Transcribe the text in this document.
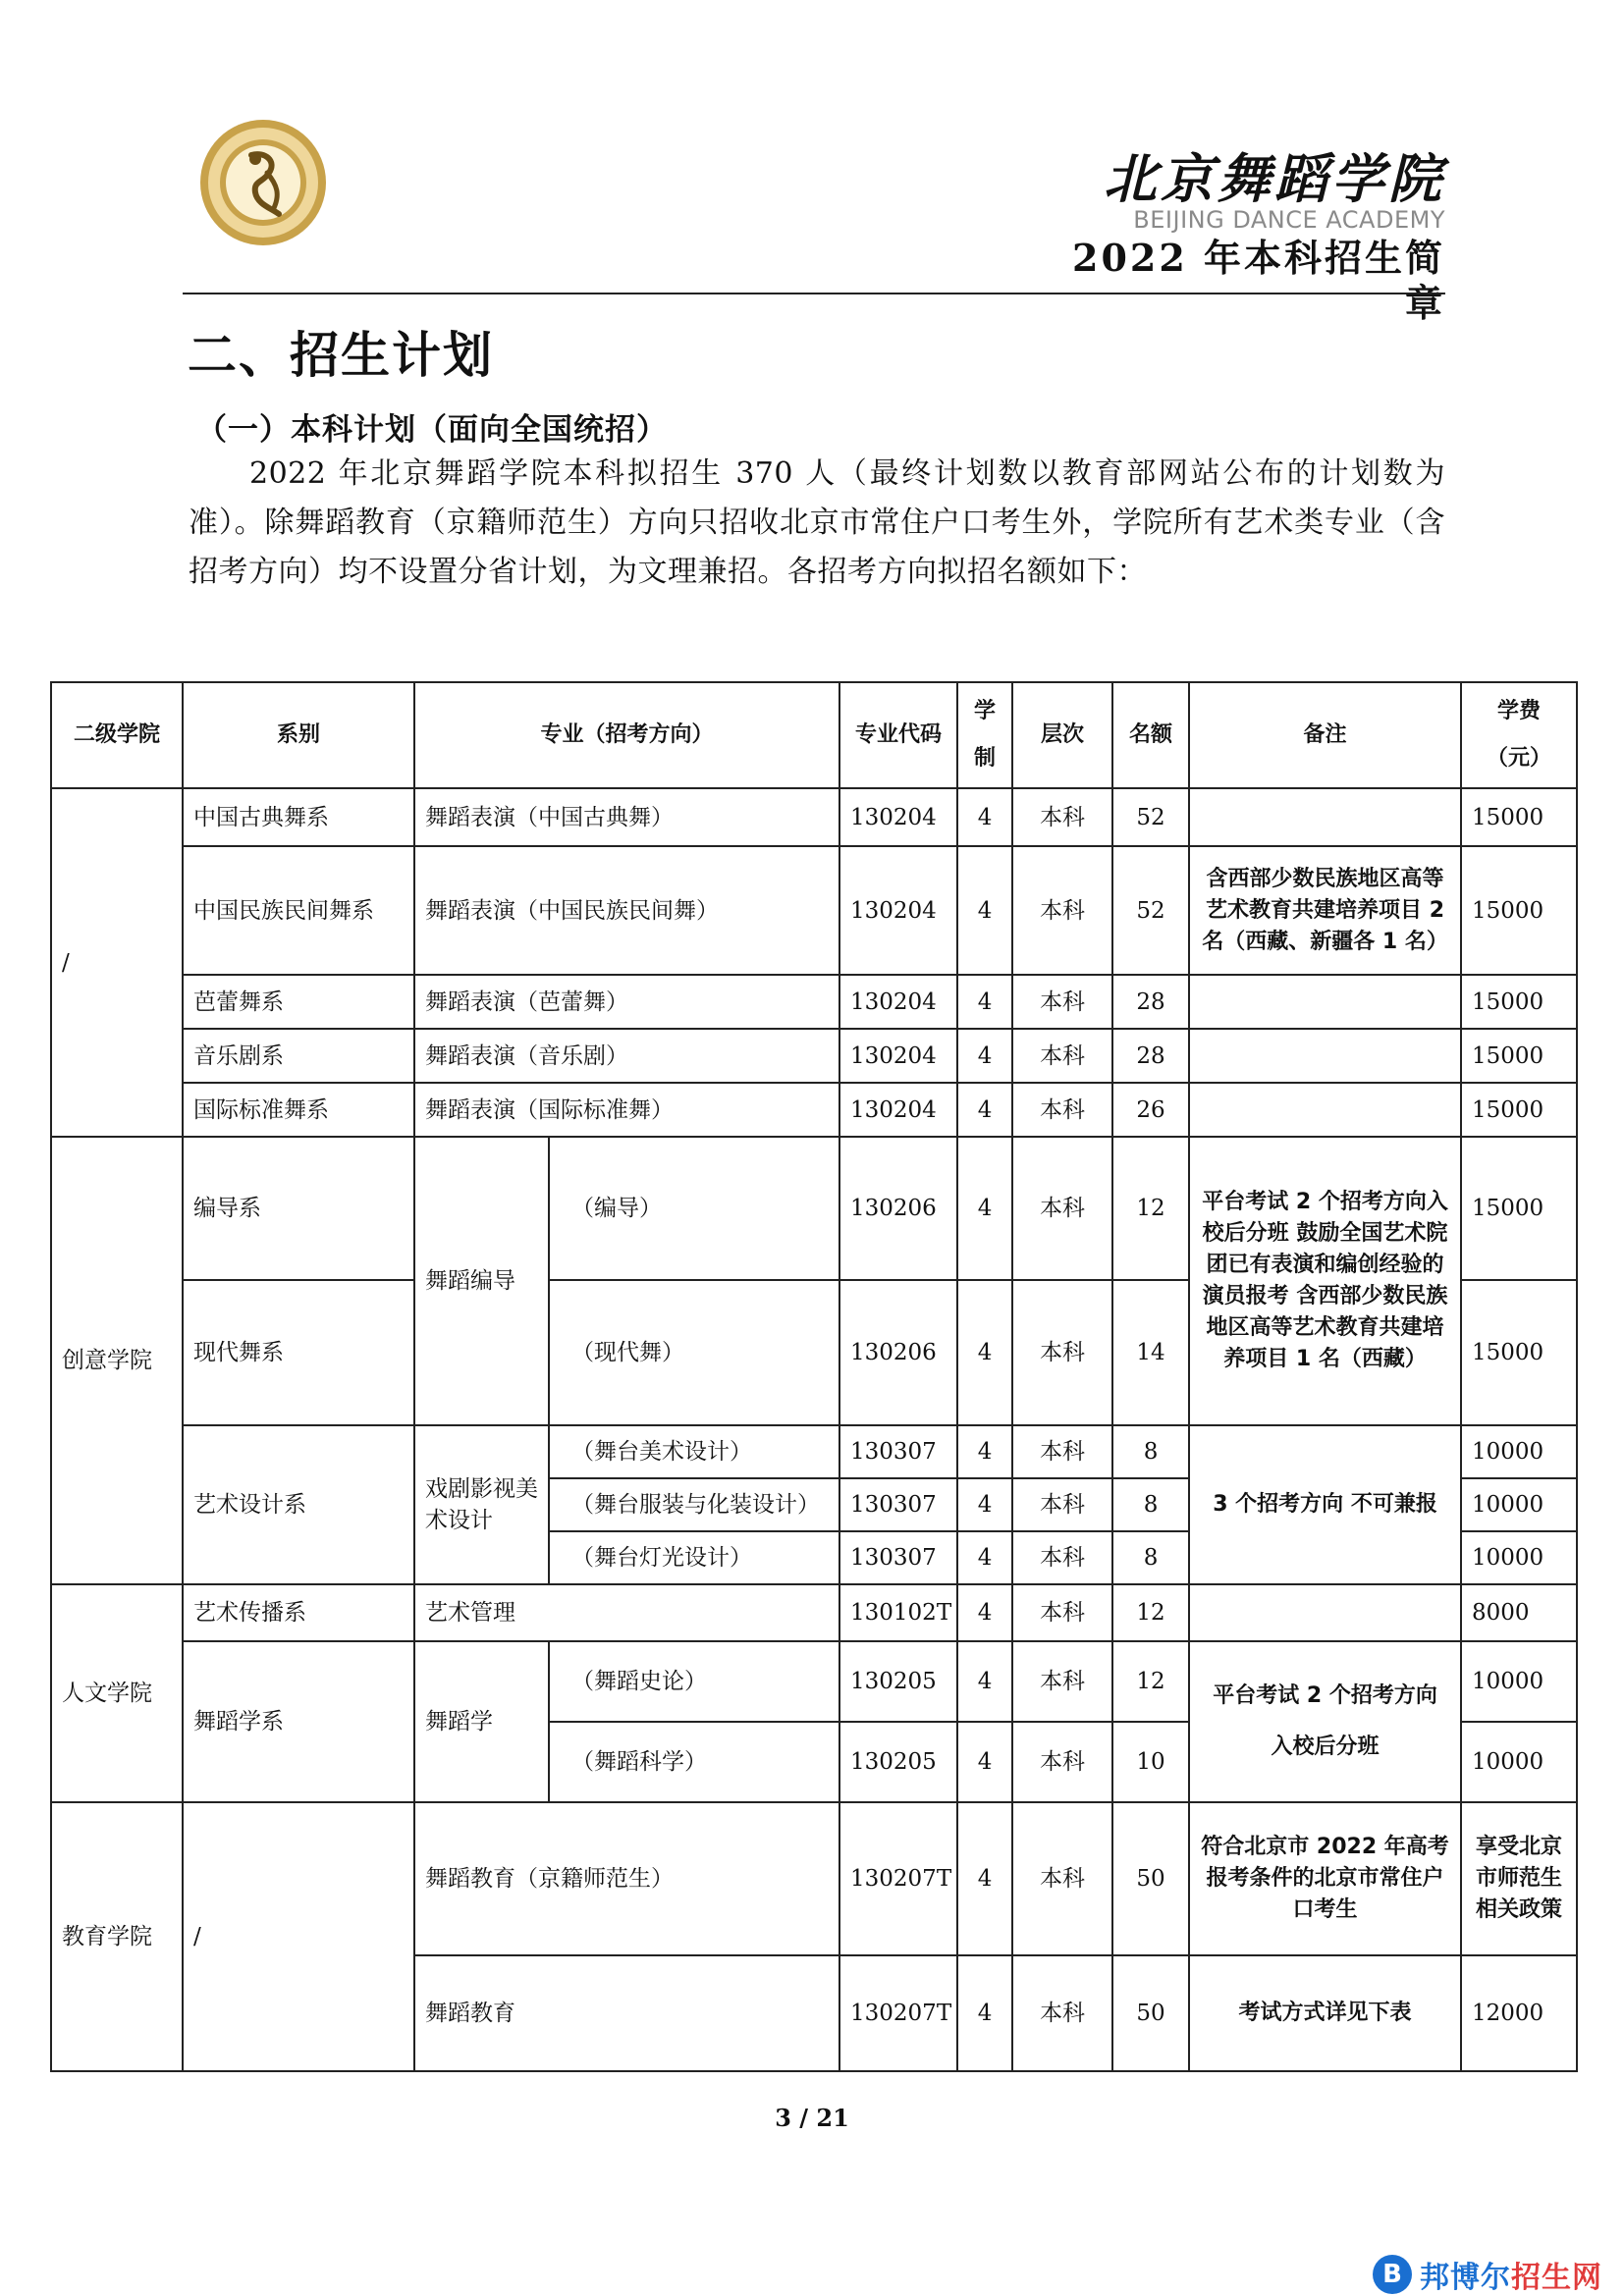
北京舞蹈学院
BEIJING DANCE ACADEMY
2022 年本科招生简章
二、招生计划
（一）本科计划（面向全国统招）
2022 年北京舞蹈学院本科拟招生 370 人（最终计划数以教育部网站公布的计划数为准）。除舞蹈教育（京籍师范生）方向只招收北京市常住户口考生外，学院所有艺术类专业（含招考方向）均不设置分省计划，为文理兼招。各招考方向拟招名额如下：
二级学院	系别	专业（招考方向）		专业代码	学制	层次	名额	备注	学费（元）
/	中国古典舞系	舞蹈表演（中国古典舞）		130204	4	本科	52		15000
	中国民族民间舞系	舞蹈表演（中国民族民间舞）		130204	4	本科	52	含西部少数民族地区高等艺术教育共建培养项目 2 名（西藏、新疆各 1 名）	15000
	芭蕾舞系	舞蹈表演（芭蕾舞）		130204	4	本科	28		15000
	音乐剧系	舞蹈表演（音乐剧）		130204	4	本科	28		15000
	国际标准舞系	舞蹈表演（国际标准舞）		130204	4	本科	26		15000
创意学院	编导系	舞蹈编导	（编导）	130206	4	本科	12	平台考试 2 个招考方向入校后分班 鼓励全国艺术院团已有表演和编创经验的演员报考 含西部少数民族地区高等艺术教育共建培养项目 1 名（西藏）	15000
	现代舞系		（现代舞）	130206	4	本科	14		15000
	艺术设计系	戏剧影视美术设计	（舞台美术设计）	130307	4	本科	8	3 个招考方向 不可兼报	10000
			（舞台服装与化装设计）	130307	4	本科	8		10000
			（舞台灯光设计）	130307	4	本科	8		10000
人文学院	艺术传播系	艺术管理		130102T	4	本科	12		8000
	舞蹈学系	舞蹈学	（舞蹈史论）	130205	4	本科	12	平台考试 2 个招考方向 入校后分班	10000
			（舞蹈科学）	130205	4	本科	10		10000
教育学院	/	舞蹈教育（京籍师范生）		130207T	4	本科	50	符合北京市 2022 年高考报考条件的北京市常住户口考生	享受北京市师范生相关政策
		舞蹈教育		130207T	4	本科	50	考试方式详见下表	12000
3 / 21
B 邦博尔招生网
